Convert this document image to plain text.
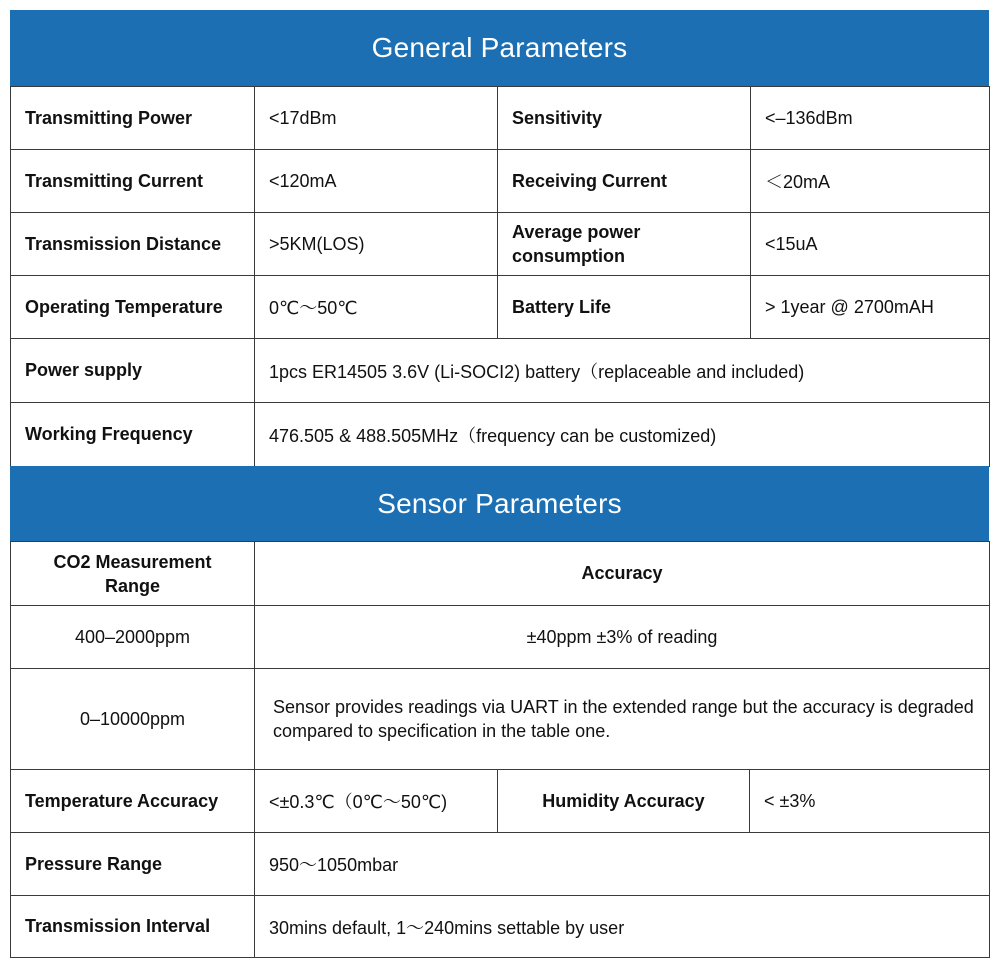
General Parameters
Transmitting Power	<17dBm	Sensitivity	<–136dBm
Transmitting Current	<120mA	Receiving Current	＜20mA
Transmission Distance	>5KM(LOS)	Average power consumption	<15uA
Operating Temperature	0℃～50℃	Battery Life	> 1year @ 2700mAH
Power supply	1pcs ER14505 3.6V (Li-SOCI2) battery（replaceable and included)		
Working Frequency	476.505 & 488.505MHz（frequency can be customized)		
Sensor Parameters
CO2 Measurement Range	Accuracy
400–2000ppm	±40ppm ±3% of reading
0–10000ppm	Sensor provides readings via UART in the extended range but the accuracy is degraded compared to specification in the table one.
Temperature Accuracy	<±0.3℃（0℃～50℃)	Humidity Accuracy	< ±3%
Pressure Range	950～1050mbar
Transmission Interval	30mins default, 1～240mins settable by user
